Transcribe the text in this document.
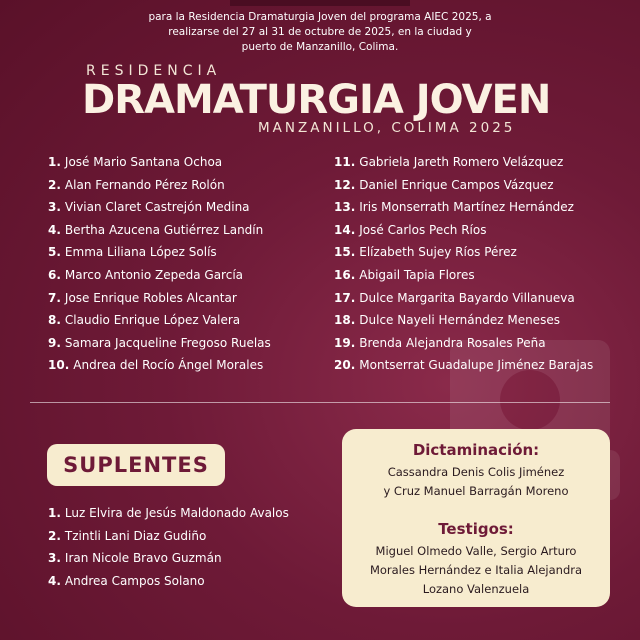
para la Residencia Dramaturgia Joven del programa AIEC 2025, a
realizarse del 27 al 31 de octubre de 2025, en la ciudad y
puerto de Manzanillo, Colima.
RESIDENCIA
DRAMATURGIA JOVEN
MANZANILLO, COLIMA 2025
1. José Mario Santana Ochoa
2. Alan Fernando Pérez Rolón
3. Vivian Claret Castrejón Medina
4. Bertha Azucena Gutiérrez Landín
5. Emma Liliana López Solís
6. Marco Antonio Zepeda García
7. Jose Enrique Robles Alcantar
8. Claudio Enrique López Valera
9. Samara Jacqueline Fregoso Ruelas
10. Andrea del Rocío Ángel Morales
11. Gabriela Jareth Romero Velázquez
12. Daniel Enrique Campos Vázquez
13. Iris Monserrath Martínez Hernández
14. José Carlos Pech Ríos
15. Elízabeth Sujey Ríos Pérez
16. Abigail Tapia Flores
17. Dulce Margarita Bayardo Villanueva
18. Dulce Nayeli Hernández Meneses
19. Brenda Alejandra Rosales Peña
20. Montserrat Guadalupe Jiménez Barajas
SUPLENTES
1. Luz Elvira de Jesús Maldonado Avalos
2. Tzintli Lani Diaz Gudiño
3. Iran Nicole Bravo Guzmán
4. Andrea Campos Solano
Dictaminación:
Cassandra Denis Colis Jiménez
y Cruz Manuel Barragán Moreno
Testigos:
Miguel Olmedo Valle, Sergio Arturo
Morales Hernández e Italia Alejandra
Lozano Valenzuela
